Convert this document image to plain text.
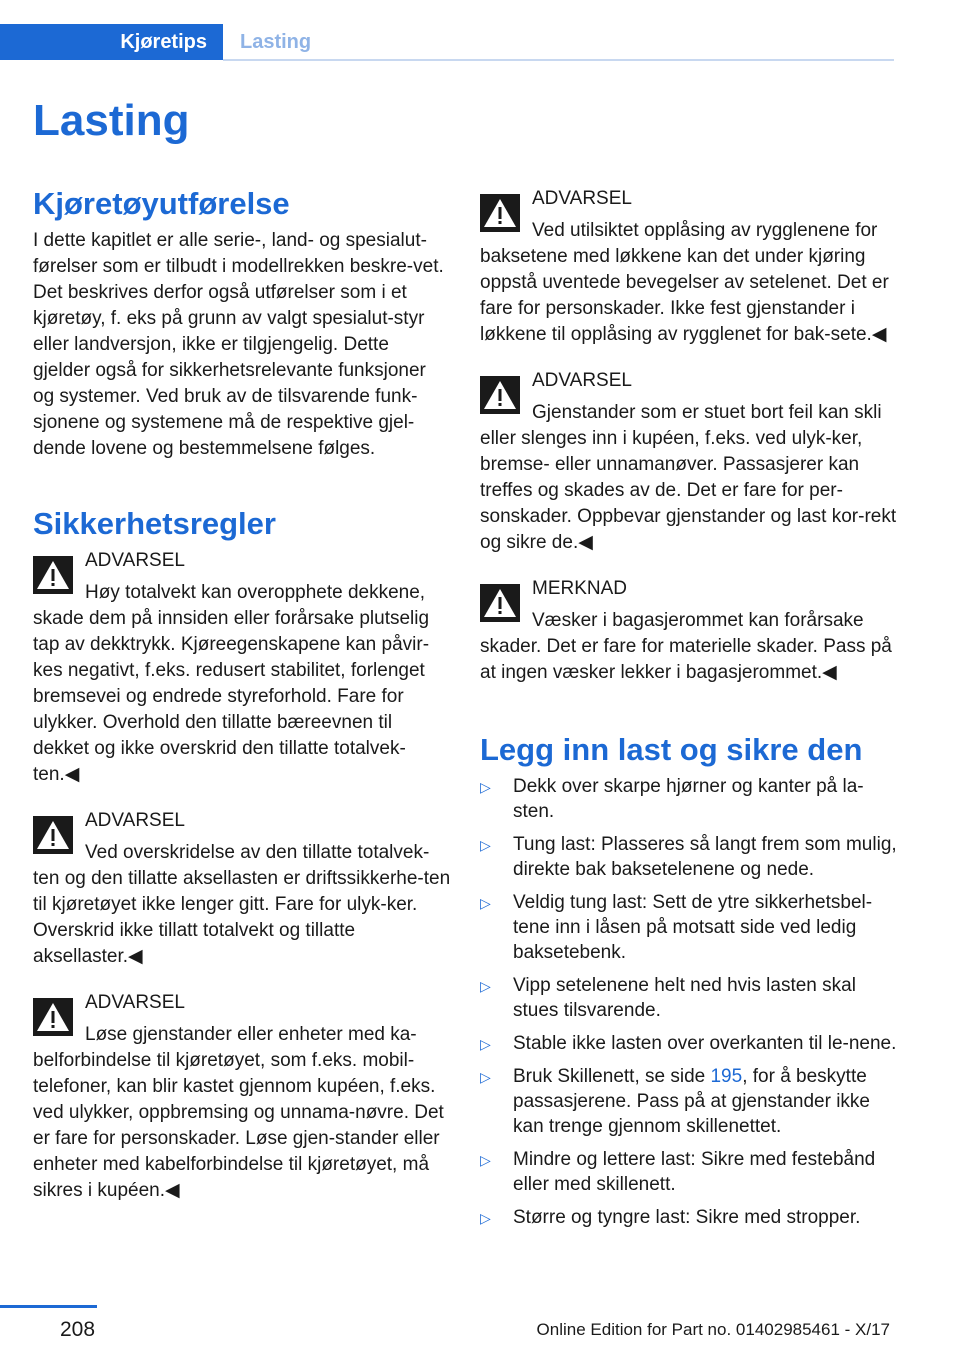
Kjøretips	Lasting
Lasting
Kjøretøyutførelse

I dette kapitlet er alle serie-, land- og spesialut-førelser som er tilbudt i modellrekken beskre-vet. Det beskrives derfor også utførelser som i et kjøretøy, f. eks på grunn av valgt spesialut-styr eller landversjon, ikke er tilgjengelig. Dette gjelder også for sikkerhetsrelevante funksjoner og systemer. Ved bruk av de tilsvarende funk-sjonene og systemene må de respektive gjel-dende lovene og bestemmelsene følges.

Sikkerhetsregler
ADVARSEL
Høy totalvekt kan overopphete dekkene, skade dem på innsiden eller forårsake plutselig tap av dekktrykk. Kjøreegenskapene kan påvir-kes negativt, f.eks. redusert stabilitet, forlenget bremsevei og endrede styreforhold. Fare for ulykker. Overhold den tillatte bæreevnen til dekket og ikke overskrid den tillatte totalvek-ten.◀
ADVARSEL
Ved overskridelse av den tillatte totalvek-ten og den tillatte aksellasten er driftssikkerhe-ten til kjøretøyet ikke lenger gitt. Fare for ulyk-ker. Overskrid ikke tillatt totalvekt og tillatte aksellaster.◀
ADVARSEL
Løse gjenstander eller enheter med ka-belforbindelse til kjøretøyet, som f.eks. mobil-telefoner, kan blir kastet gjennom kupéen, f.eks. ved ulykker, oppbremsing og unnama-nøvre. Det er fare for personskader. Løse gjen-stander eller enheter med kabelforbindelse til kjøretøyet, må sikres i kupéen.◀
ADVARSEL
Ved utilsiktet opplåsing av rygglenene for baksetene med løkkene kan det under kjøring oppstå uventede bevegelser av setelenet. Det er fare for personskader. Ikke fest gjenstander i løkkene til opplåsing av rygglenet for bak-sete.◀
ADVARSEL
Gjenstander som er stuet bort feil kan skli eller slenges inn i kupéen, f.eks. ved ulyk-ker, bremse- eller unnamanøver. Passasjerer kan treffes og skades av de. Det er fare for per-sonskader. Oppbevar gjenstander og last kor-rekt og sikre de.◀
MERKNAD
Væsker i bagasjerommet kan forårsake skader. Det er fare for materielle skader. Pass på at ingen væsker lekker i bagasjerommet.◀
Legg inn last og sikre den
▷ Dekk over skarpe hjørner og kanter på la-sten.
▷ Tung last: Plasseres så langt frem som mulig, direkte bak baksetelenene og nede.
▷ Veldig tung last: Sett de ytre sikkerhetsbel-tene inn i låsen på motsatt side ved ledig baksetebenk.
▷ Vipp setelenene helt ned hvis lasten skal stues tilsvarende.
▷ Stable ikke lasten over overkanten til le-nene.
▷ Bruk Skillenett, se side 195, for å beskytte passasjerene. Pass på at gjenstander ikke kan trenge gjennom skillenettet.
▷ Mindre og lettere last: Sikre med festebånd eller med skillenett.
▷ Større og tyngre last: Sikre med stropper.
208	Online Edition for Part no. 01402985461 - X/17
